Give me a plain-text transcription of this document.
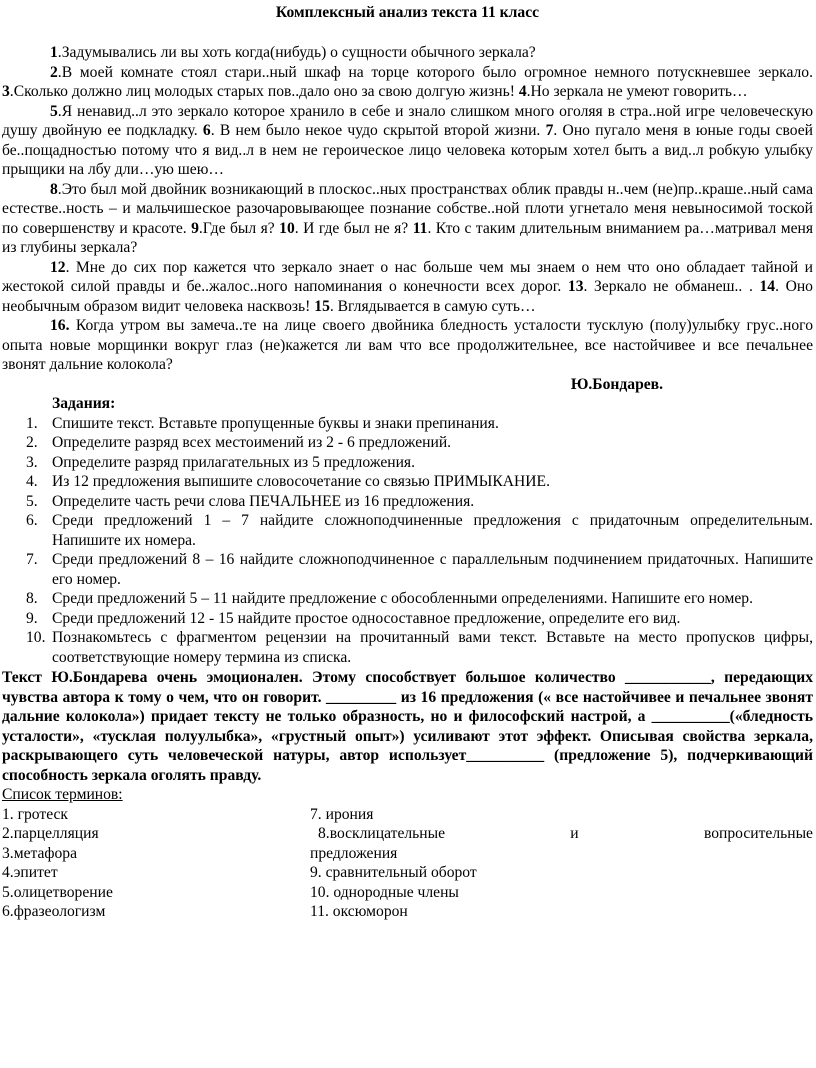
Комплексный анализ текста 11 класс

1.Задумывались ли вы хоть когда(нибудь) о сущности обычного зеркала?

2.В моей комнате стоял стари..ный шкаф на торце которого было огромное немного потускневшее зеркало. 3.Сколько должно лиц молодых старых пов..дало оно за свою долгую жизнь! 4.Но зеркала не умеют говорить…

5.Я ненавид..л это зеркало которое хранило в себе и знало слишком много оголяя в стра..ной игре человеческую душу двойную ее подкладку. 6. В нем было некое чудо скрытой второй жизни. 7. Оно пугало меня в юные годы своей бе..пощадностью потому что я вид..л в нем не героическое лицо человека которым хотел быть а вид..л робкую улыбку прыщики на лбу дли…ую шею…

8.Это был мой двойник возникающий в плоскос..ных пространствах облик правды н..чем (не)пр..краше..ный сама естестве..ность – и мальчишеское разочаровывающее познание собстве..ной плоти угнетало меня невыносимой тоской по совершенству и красоте. 9.Где был я? 10. И где был не я? 11. Кто с таким длительным вниманием ра…матривал меня из глубины зеркала?

12. Мне до сих пор кажется что зеркало знает о нас больше чем мы знаем о нем что оно обладает тайной и жестокой силой правды и бе..жалос..ного напоминания о конечности всех дорог. 13. Зеркало не обманеш.. . 14. Оно необычным образом видит человека насквозь! 15. Вглядывается в самую суть…

16. Когда утром вы замеча..те на лице своего двойника бледность усталости тусклую (полу)улыбку грус..ного опыта новые морщинки вокруг глаз (не)кажется ли вам что все продолжительнее, все настойчивее и все печальнее звонят дальние колокола?

Ю.Бондарев.
Задания:
1. Спишите текст. Вставьте пропущенные буквы и знаки препинания.
2. Определите разряд всех местоимений из 2 - 6 предложений.
3. Определите разряд прилагательных из 5 предложения.
4. Из 12 предложения выпишите словосочетание со связью ПРИМЫКАНИЕ.
5. Определите часть речи слова ПЕЧАЛЬНЕЕ из 16 предложения.
6. Среди предложений 1 – 7 найдите сложноподчиненные предложения с придаточным определительным. Напишите их номера.
7. Среди предложений 8 – 16 найдите сложноподчиненное с параллельным подчинением придаточных. Напишите его номер.
8. Среди предложений 5 – 11 найдите предложение с обособленными определениями. Напишите его номер.
9. Среди предложений 12 - 15 найдите простое односоставное предложение, определите его вид.
10. Познакомьтесь с фрагментом рецензии на прочитанный вами текст. Вставьте на место пропусков цифры, соответствующие номеру термина из списка.
Текст Ю.Бондарева очень эмоционален. Этому способствует большое количество ___________, передающих чувства автора к тому о чем, что он говорит. _________ из 16 предложения (« все настойчивее и печальнее звонят дальние колокола») придает тексту не только образность, но и философский настрой, а __________(«бледность усталости», «тусклая полуулыбка», «грустный опыт») усиливают этот эффект. Описывая свойства зеркала, раскрывающего суть человеческой натуры, автор использует__________ (предложение 5), подчеркивающий способность зеркала оголять правду.
Список терминов:
1. гротеск	7. ирония
2.парцелляция	8.восклицательные	и	вопросительные
3.метафора	предложения
4.эпитет	9. сравнительный оборот
5.олицетворение	10. однородные члены
6.фразеологизм	11. оксюморон
